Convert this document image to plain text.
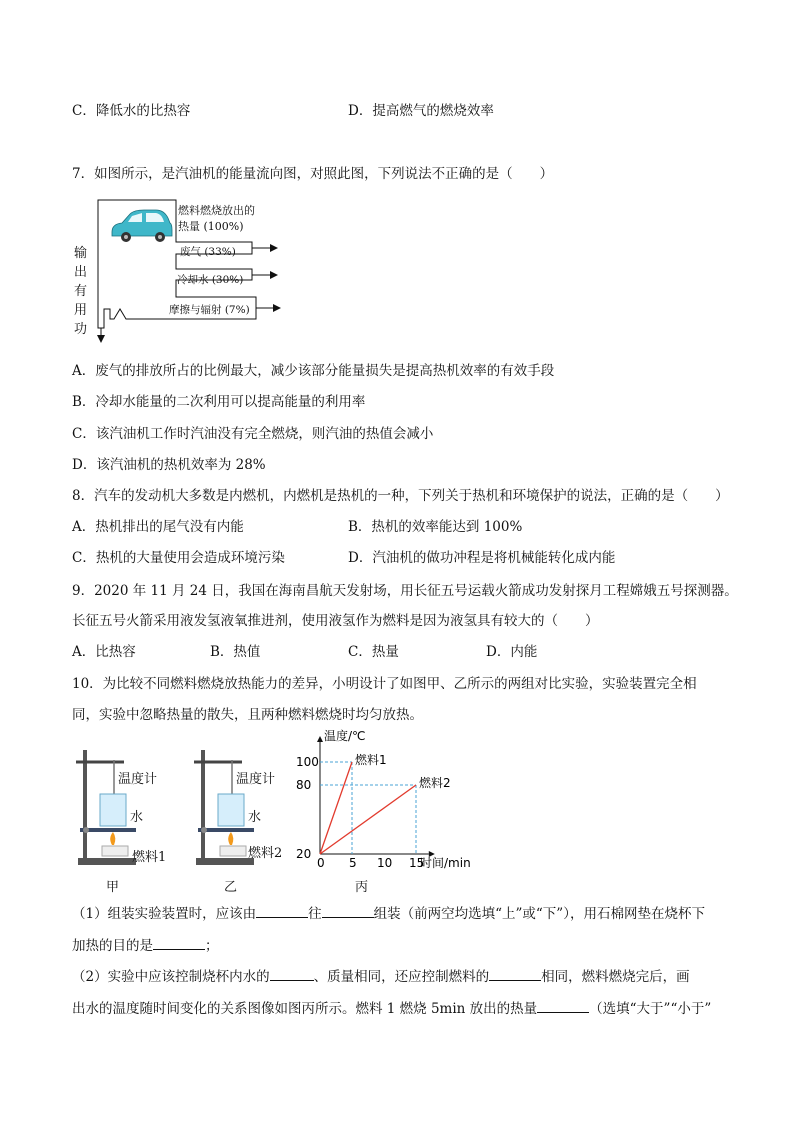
C．降低水的比热容	D．提高燃气的燃烧效率
7．如图所示，是汽油机的能量流向图，对照此图，下列说法不正确的是（　　）
燃料燃烧放出的
热量 (100%)
废气 (33%)
冷却水 (30%)
摩擦与辐射 (7%)
输
出
有
用
功
A．废气的排放所占的比例最大，减少该部分能量损失是提高热机效率的有效手段
B．冷却水能量的二次利用可以提高能量的利用率
C．该汽油机工作时汽油没有完全燃烧，则汽油的热值会减小
D．该汽油机的热机效率为 28%
8．汽车的发动机大多数是内燃机，内燃机是热机的一种，下列关于热机和环境保护的说法，正确的是（　　）
A．热机排出的尾气没有内能	B．热机的效率能达到 100%
C．热机的大量使用会造成环境污染	D．汽油机的做功冲程是将机械能转化成内能
9．2020 年 11 月 24 日，我国在海南昌航天发射场，用长征五号运载火箭成功发射探月工程嫦娥五号探测器。
长征五号火箭采用液发氢液氧推进剂，使用液氢作为燃料是因为液氢具有较大的（　　）
A．比热容	B．热值	C．热量	D．内能
10．为比较不同燃料燃烧放热能力的差异，小明设计了如图甲、乙所示的两组对比实验，实验装置完全相
同，实验中忽略热量的散失，且两种燃料燃烧时均匀放热。
温度计
水
燃料1
甲
温度计
水
燃料2
乙
温度/℃
时间/min
0 5 10 15
20
80
100	燃料1
燃料2
丙
（1）组装实验装置时，应该由	往	组装（前两空均选填“上”或“下”），用石棉网垫在烧杯下
加热的目的是	；
（2）实验中应该控制烧杯内水的	、质量相同，还应控制燃料的	相同，燃料燃烧完后，画
出水的温度随时间变化的关系图像如图丙所示。燃料 1 燃烧 5min 放出的热量	（选填“大于”“小于”
